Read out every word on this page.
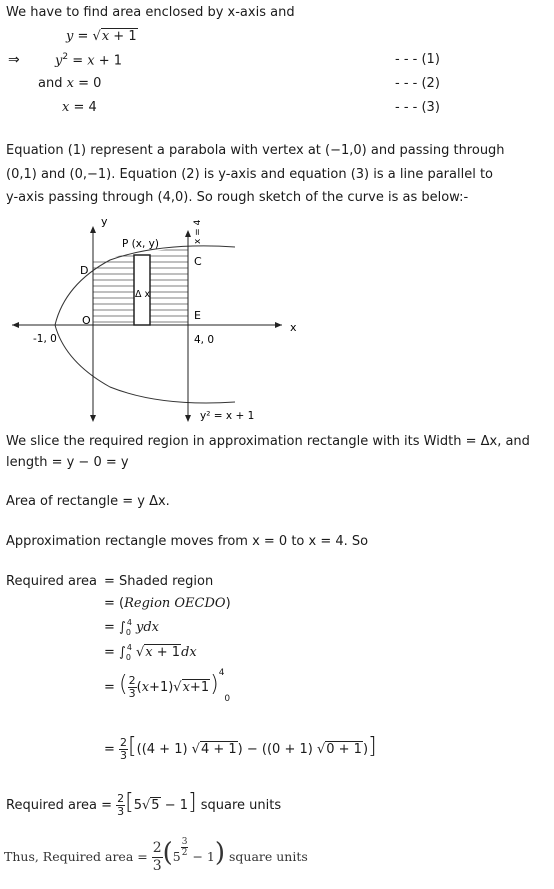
We have to find area enclosed by x-axis and
y = √x + 1
⇒	$y^2 = x + 1$	- - - (1)
and x = 0	- - - (2)
x = 4	- - - (3)
Equation (1) represent a parabola with vertex at (−1,0) and passing through
(0,1) and (0,−1). Equation (2) is y-axis and equation (3) is a line parallel to
y-axis passing through (4,0). So rough sketch of the curve is as below:-
y
x
P (x, y)	x = 4
D
C
O	E
Δ x
-1, 0	4, 0
y² = x + 1
We slice the required region in approximation rectangle with its Width = Δx, and
length = y − 0 = y
Area of rectangle = y Δx.
Approximation rectangle moves from x = 0 to x = 4. So
Required area = Shaded region
= (Region OECDO)
= $\int_0^4$ ydx
= $\int_0^4$ √x + 1dx
= ( $\frac{2}{3} (x+1)√x+1)^4_0$
= $\frac{2}{3} [((4 + 1) √4 + 1) - ((0 + 1) √0 + 1)]$
Required area = $\frac{2}{3} [5√5 - 1]$ square units
Thus, Required area = $\frac{2}{3} (5 \frac{3}{2} - 1)$ square units
